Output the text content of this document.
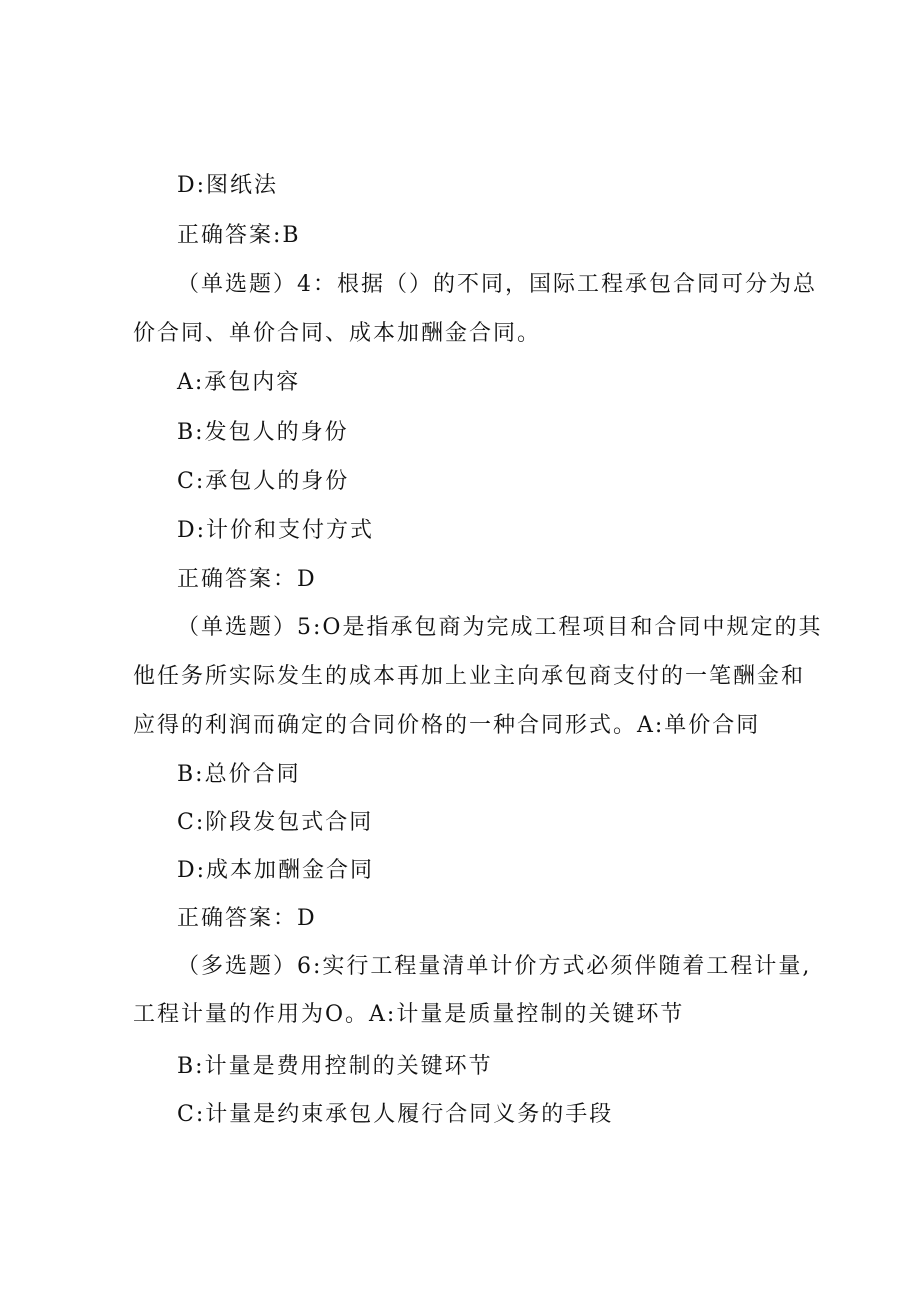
D:图纸法
正确答案:B
（单选题）4：根据（）的不同，国际工程承包合同可分为总
价合同、单价合同、成本加酬金合同。
A:承包内容
B:发包人的身份
C:承包人的身份
D:计价和支付方式
正确答案：D
（单选题）5:O是指承包商为完成工程项目和合同中规定的其
他任务所实际发生的成本再加上业主向承包商支付的一笔酬金和
应得的利润而确定的合同价格的一种合同形式。A:单价合同
B:总价合同
C:阶段发包式合同
D:成本加酬金合同
正确答案：D
（多选题）6:实行工程量清单计价方式必须伴随着工程计量,
工程计量的作用为O。A:计量是质量控制的关键环节
B:计量是费用控制的关键环节
C:计量是约束承包人履行合同义务的手段
